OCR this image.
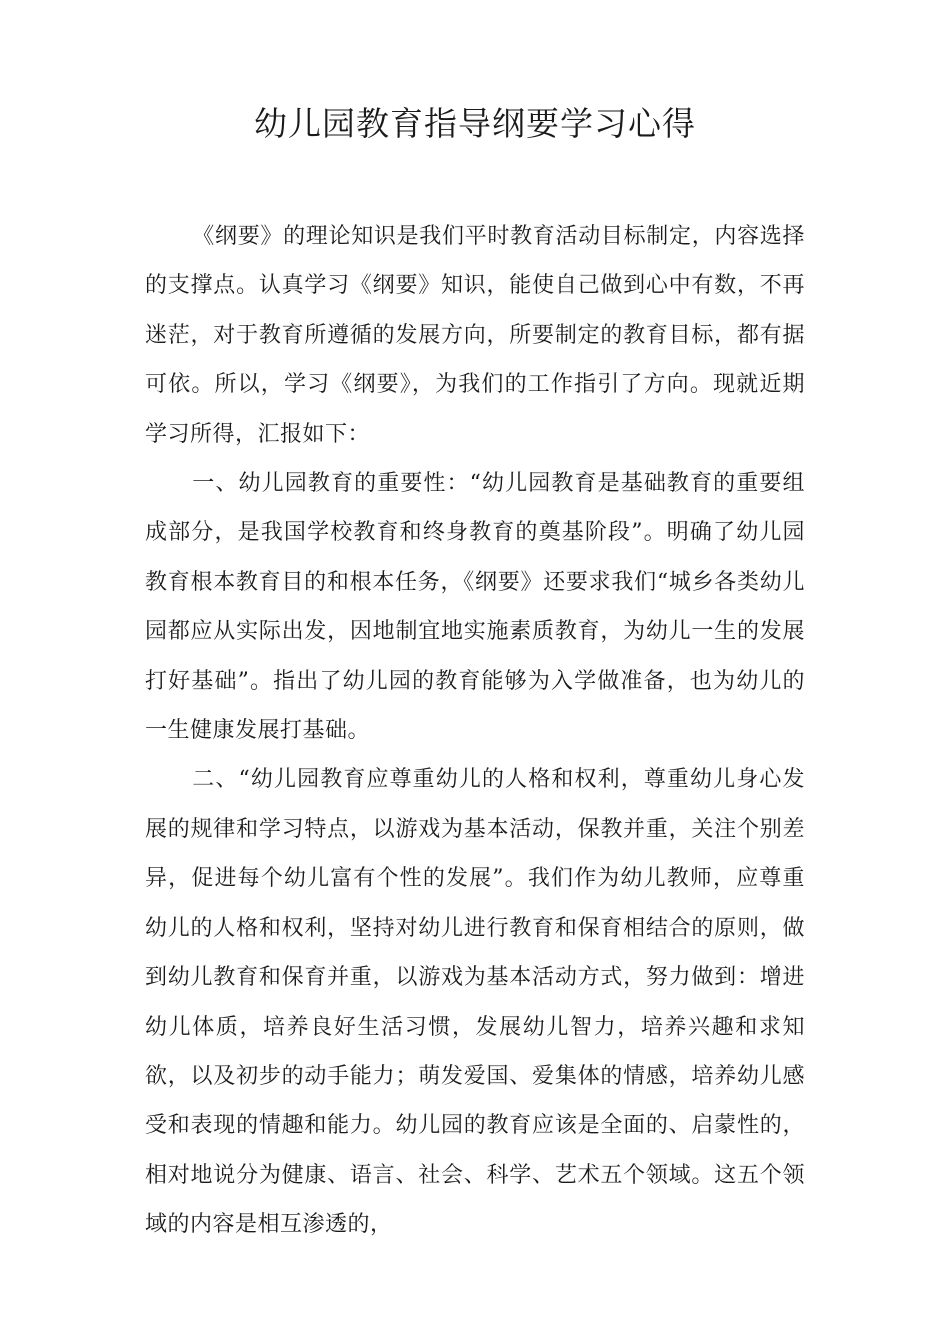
幼儿园教育指导纲要学习心得

《纲要》的理论知识是我们平时教育活动目标制定，内容选择的支撑点。认真学习《纲要》知识，能使自己做到心中有数，不再迷茫，对于教育所遵循的发展方向，所要制定的教育目标，都有据可依。所以，学习《纲要》，为我们的工作指引了方向。现就近期学习所得，汇报如下：

一、幼儿园教育的重要性：“幼儿园教育是基础教育的重要组成部分，是我国学校教育和终身教育的奠基阶段”。明确了幼儿园教育根本教育目的和根本任务，《纲要》还要求我们“城乡各类幼儿园都应从实际出发，因地制宜地实施素质教育，为幼儿一生的发展打好基础”。指出了幼儿园的教育能够为入学做准备，也为幼儿的一生健康发展打基础。

二、“幼儿园教育应尊重幼儿的人格和权利，尊重幼儿身心发展的规律和学习特点，以游戏为基本活动，保教并重，关注个别差异，促进每个幼儿富有个性的发展”。我们作为幼儿教师，应尊重幼儿的人格和权利，坚持对幼儿进行教育和保育相结合的原则，做到幼儿教育和保育并重，以游戏为基本活动方式，努力做到：增进幼儿体质，培养良好生活习惯，发展幼儿智力，培养兴趣和求知欲，以及初步的动手能力；萌发爱国、爱集体的情感，培养幼儿感受和表现的情趣和能力。幼儿园的教育应该是全面的、启蒙性的，相对地说分为健康、语言、社会、科学、艺术五个领域。这五个领域的内容是相互渗透的，
